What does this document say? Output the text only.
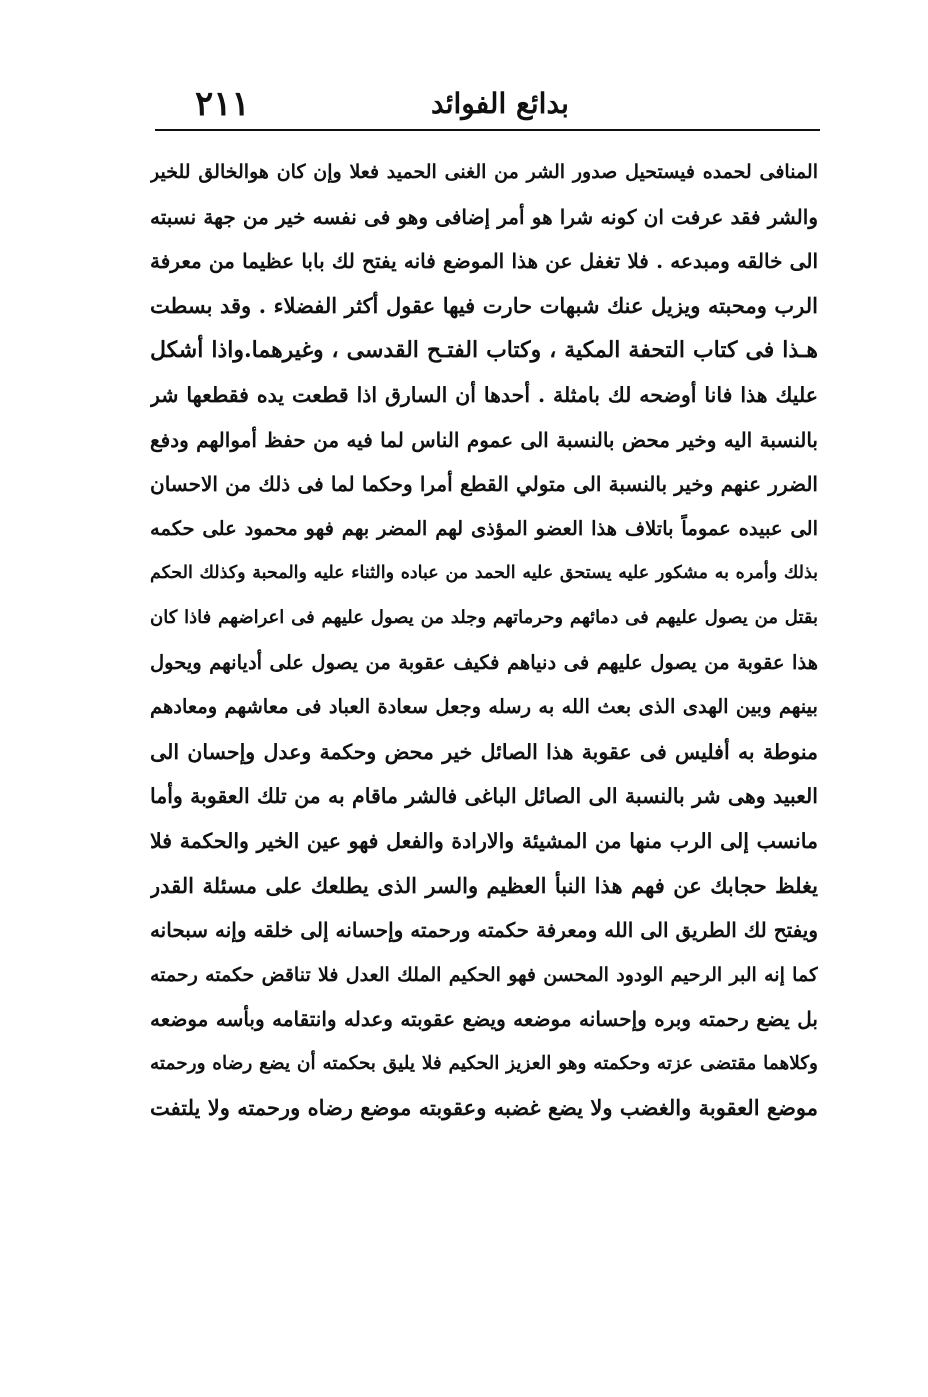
٢١١	بدائع الفوائد
المنافى لحمده فيستحيل صدور الشر من الغنى الحميد فعلا وإن كان هوالخالق للخير
والشر فقد عرفت ان كونه شرا هو أمر إضافى وهو فى نفسه خير من جهة نسبته
الى خالقه ومبدعه . فلا تغفل عن هذا الموضع فانه يفتح لك بابا عظيما من معرفة
الرب ومحبته ويزيل عنك شبهات حارت فيها عقول أكثر الفضلاء . وقد بسطت
هـذا فى كتاب التحفة المكية ، وكتاب الفتـح القدسى ، وغيرهما.واذا أشكل
عليك هذا فانا أوضحه لك بامثلة . أحدها أن السارق اذا قطعت يده فقطعها شر
بالنسبة اليه وخير محض بالنسبة الى عموم الناس لما فيه من حفظ أموالهم ودفع
الضرر عنهم وخير بالنسبة الى متولي القطع أمرا وحكما لما فى ذلك من الاحسان
الى عبيده عموماً باتلاف هذا العضو المؤذى لهم المضر بهم فهو محمود على حكمه
بذلك وأمره به مشكور عليه يستحق عليه الحمد من عباده والثناء عليه والمحبة وكذلك الحكم
بقتل من يصول عليهم فى دمائهم وحرماتهم وجلد من يصول عليهم فى اعراضهم فاذا كان
هذا عقوبة من يصول عليهم فى دنياهم فكيف عقوبة من يصول على أديانهم ويحول
بينهم وبين الهدى الذى بعث الله به رسله وجعل سعادة العباد فى معاشهم ومعادهم
منوطة به أفليس فى عقوبة هذا الصائل خير محض وحكمة وعدل وإحسان الى
العبيد وهى شر بالنسبة الى الصائل الباغى فالشر ماقام به من تلك العقوبة وأما
مانسب إلى الرب منها من المشيئة والارادة والفعل فهو عين الخير والحكمة فلا
يغلظ حجابك عن فهم هذا النبأ العظيم والسر الذى يطلعك على مسئلة القدر
ويفتح لك الطريق الى الله ومعرفة حكمته ورحمته وإحسانه إلى خلقه وإنه سبحانه
كما إنه البر الرحيم الودود المحسن فهو الحكيم الملك العدل فلا تناقض حكمته رحمته
بل يضع رحمته وبره وإحسانه موضعه ويضع عقوبته وعدله وانتقامه وبأسه موضعه
وكلاهما مقتضى عزته وحكمته وهو العزيز الحكيم فلا يليق بحكمته أن يضع رضاه ورحمته
موضع العقوبة والغضب ولا يضع غضبه وعقوبته موضع رضاه ورحمته ولا يلتفت
